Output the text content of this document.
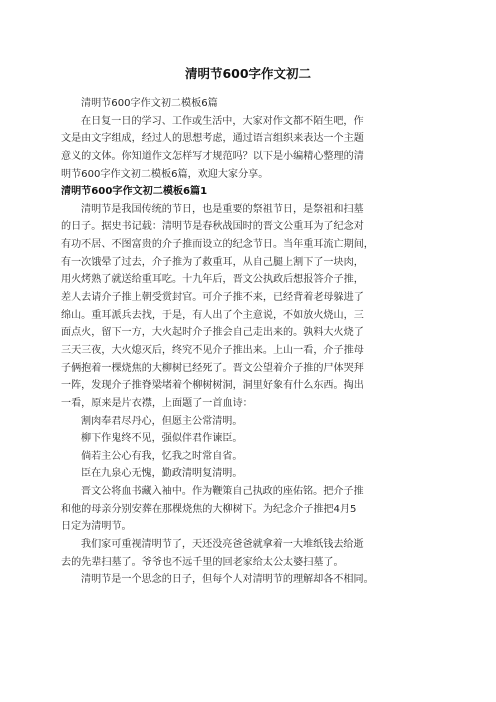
清明节600字作文初二
清明节600字作文初二模板6篇
在日复一日的学习、工作或生活中，大家对作文都不陌生吧，作
文是由文字组成，经过人的思想考虑，通过语言组织来表达一个主题
意义的文体。你知道作文怎样写才规范吗？以下是小编精心整理的清
明节600字作文初二模板6篇，欢迎大家分享。
清明节600字作文初二模板6篇1
清明节是我国传统的节日，也是重要的祭祖节日，是祭祖和扫墓
的日子。据史书记载：清明节是春秋战国时的晋文公重耳为了纪念对
有功不居、不图富贵的介子推而设立的纪念节日。当年重耳流亡期间，
有一次饿晕了过去，介子推为了救重耳，从自己腿上割下了一块肉，
用火烤熟了就送给重耳吃。十九年后，晋文公执政后想报答介子推，
差人去请介子推上朝受赏封官。可介子推不来，已经背着老母躲进了
绵山。重耳派兵去找，于是，有人出了个主意说，不如放火烧山，三
面点火，留下一方，大火起时介子推会自己走出来的。孰料大火烧了
三天三夜，大火熄灭后，终究不见介子推出来。上山一看，介子推母
子俩抱着一棵烧焦的大柳树已经死了。晋文公望着介子推的尸体哭拜
一阵，发现介子推脊梁堵着个柳树树洞，洞里好象有什么东西。掏出
一看，原来是片衣襟，上面题了一首血诗：
割肉奉君尽丹心，但愿主公常清明。
柳下作鬼终不见，强似伴君作谏臣。
倘若主公心有我，忆我之时常自省。
臣在九泉心无愧，勤政清明复清明。
晋文公将血书藏入袖中。作为鞭策自己执政的座佑铭。把介子推
和他的母亲分别安葬在那棵烧焦的大柳树下。为纪念介子推把4月5
日定为清明节。
我们家可重视清明节了，天还没亮爸爸就拿着一大堆纸钱去给逝
去的先辈扫墓了。爷爷也不远千里的回老家给太公太婆扫墓了。
清明节是一个思念的日子，但每个人对清明节的理解却各不相同。
